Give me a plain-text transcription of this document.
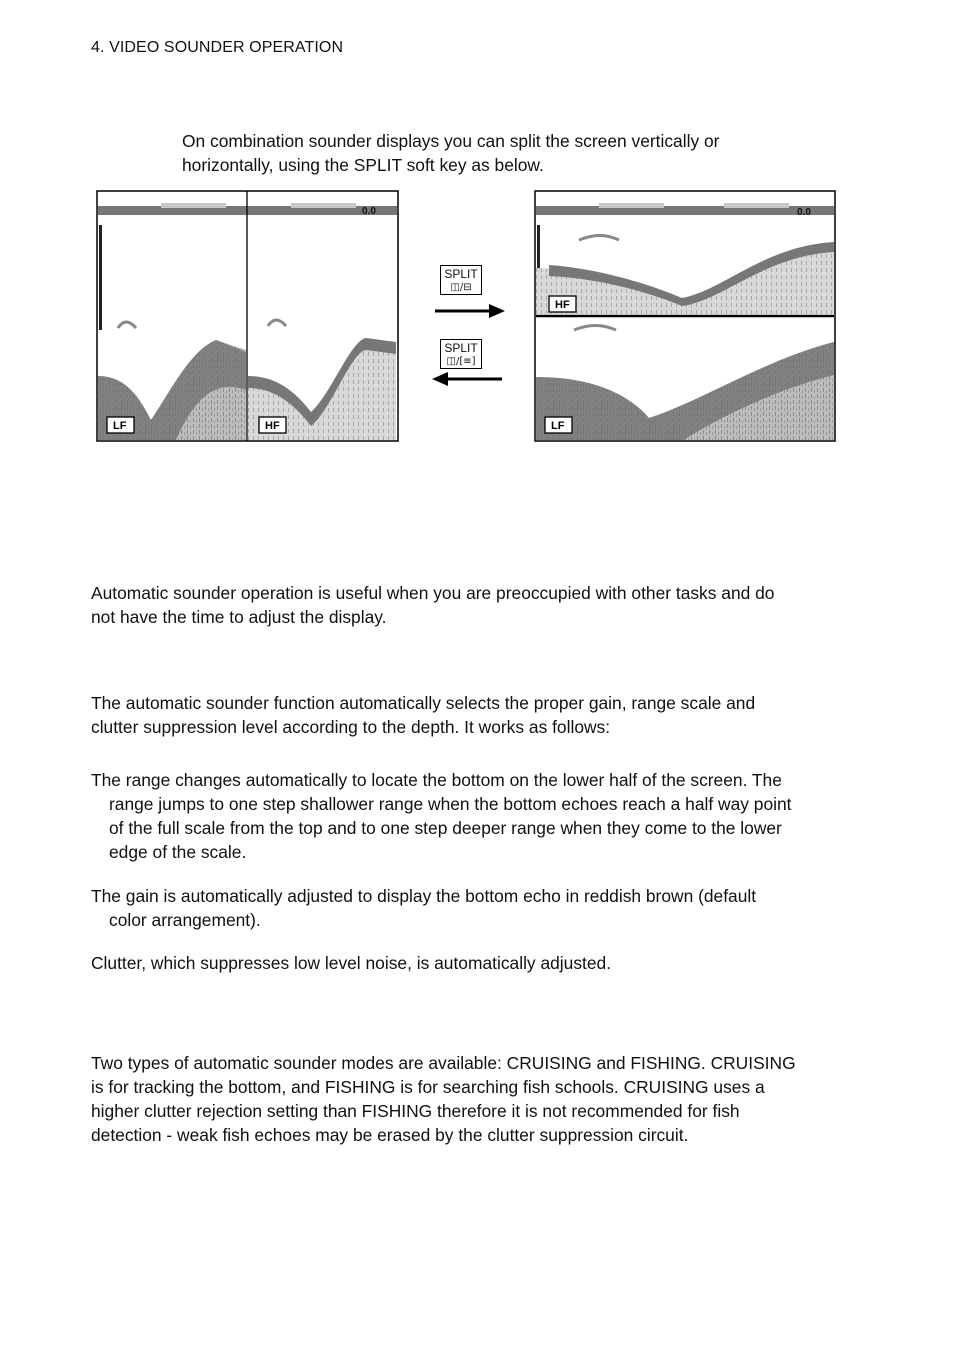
4. VIDEO SOUNDER OPERATION

On combination sounder displays you can split the screen vertically or
horizontally, using the SPLIT soft key as below.

0.0
LF	HF
SPLIT
◫/⊟
SPLIT
◫/[≡]
0.0
HF
LF

Automatic sounder operation is useful when you are preoccupied with other tasks and do
not have the time to adjust the display.

The automatic sounder function automatically selects the proper gain, range scale and
clutter suppression level according to the depth. It works as follows:

The range changes automatically to locate the bottom on the lower half of the screen. The
range jumps to one step shallower range when the bottom echoes reach a half way point
of the full scale from the top and to one step deeper range when they come to the lower
edge of the scale.

The gain is automatically adjusted to display the bottom echo in reddish brown (default
color arrangement).

Clutter, which suppresses low level noise, is automatically adjusted.

Two types of automatic sounder modes are available: CRUISING and FISHING. CRUISING
is for tracking the bottom, and FISHING is for searching fish schools. CRUISING uses a
higher clutter rejection setting than FISHING therefore it is not recommended for fish
detection - weak fish echoes may be erased by the clutter suppression circuit.
